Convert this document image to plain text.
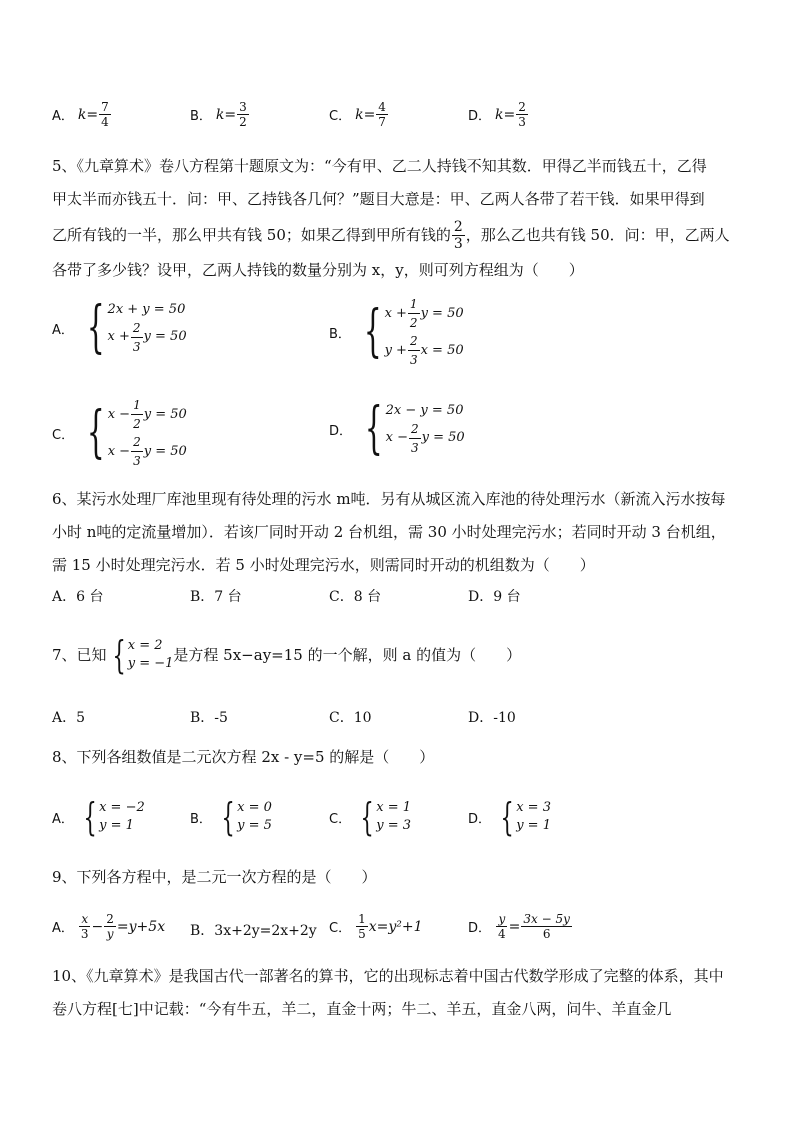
A． $k = \frac{7}{4}$	B． $k = \frac{3}{2}$	C． $k = \frac{4}{7}$	D． $k = \frac{2}{3}$
5、《九章算术》卷八方程第十题原文为：“今有甲、乙二人持钱不知其数．甲得乙半而钱五十，乙得
甲太半而亦钱五十．问：甲、乙持钱各几何？”题目大意是：甲、乙两人各带了若干钱．如果甲得到
乙所有钱的一半，那么甲共有钱 50；如果乙得到甲所有钱的 $\frac{2}{3}$ ，那么乙也共有钱 50．问：甲，乙两人
各带了多少钱？设甲，乙两人持钱的数量分别为 x，y，则可列方程组为（　　）
A． { 2x + y = 50
$x + \frac{2}{3}$ y = 50	B． { $x + \frac{1}{2}$ y = 50
$y + \frac{2}{3}$ x = 50
C． { $x - \frac{1}{2}$ y = 50
$x - \frac{2}{3}$ y = 50
D． { 2x − y = 50
$x - \frac{2}{3}$ y = 50
6、某污水处理厂库池里现有待处理的污水 m吨．另有从城区流入库池的待处理污水（新流入污水按每
小时 n吨的定流量增加）．若该厂同时开动 2 台机组，需 30 小时处理完污水；若同时开动 3 台机组，
需 15 小时处理完污水．若 5 小时处理完污水，则需同时开动的机组数为（　　）
A．6 台	B．7 台	C．8 台	D．9 台
7、已知 { x = 2
y = −1 是方程 5x−ay=15 的一个解，则 a 的值为（　　）
A．5	B．-5	C．10	D．-10
8、下列各组数值是二元次方程 2x - y=5 的解是（　　）
A． { x = −2
y = 1	B． { x = 0
y = 5	C． { x = 1
y = 3	D． { x = 3
y = 1
9、下列各方程中，是二元一次方程的是（　　）
A． $\frac{x}{3} - \frac{2}{y} =y+5x$ B．3x+2y=2x+2y C． $\frac{1}{5} x=y^2+1$	D． $\frac{y}{4} = \frac{3x - 5y}{6}$
10、《九章算术》是我国古代一部著名的算书，它的出现标志着中国古代数学形成了完整的体系，其中
卷八方程[七]中记载：“今有牛五，羊二，直金十两；牛二、羊五，直金八两，问牛、羊直金几
